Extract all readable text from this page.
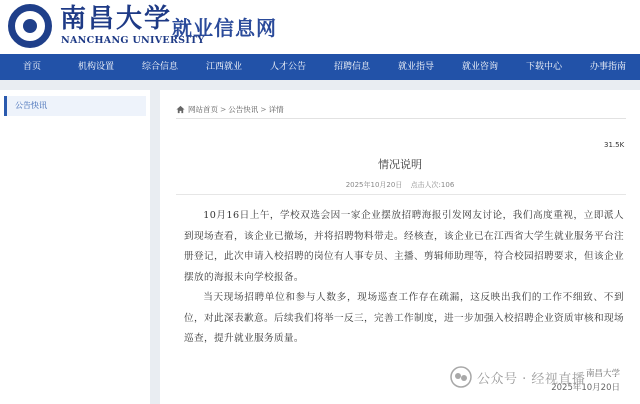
南昌大学
NANCHANG UNIVERSITY
就业信息网
首页	机构设置	综合信息	江西就业	人才公告	招聘信息	就业指导	就业咨询	下载中心	办事指南
公告快讯	网站首页 > 公告快讯 > 详情
31.5K
情况说明
2025年10月20日 点击人次:106

10月16日上午，学校双选会因一家企业摆放招聘海报引发网友讨论，我们高度重视，立即派人到现场查看，该企业已撤场，并将招聘物料带走。经核查，该企业已在江西省大学生就业服务平台注册登记，此次申请入校招聘的岗位有人事专员、主播、剪辑师助理等，符合校园招聘要求，但该企业摆放的海报未向学校报备。

当天现场招聘单位和参与人数多，现场巡查工作存在疏漏，这反映出我们的工作不细致、不到位，对此深表歉意。后续我们将举一反三，完善工作制度，进一步加强入校招聘企业资质审核和现场巡查，提升就业服务质量。

南昌大学
2025年10月20日
公众号 · 经视直播
